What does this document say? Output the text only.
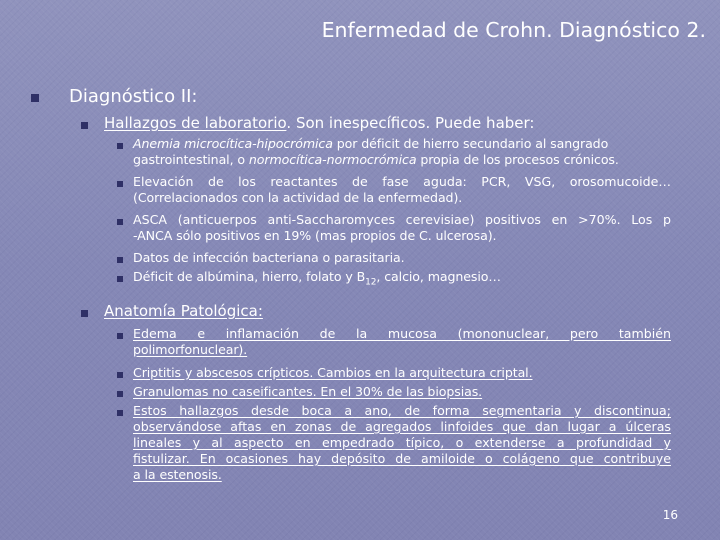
Enfermedad de Crohn. Diagnóstico 2.
Diagnóstico II:
Hallazgos de laboratorio. Son inespecíficos. Puede haber:
Anemia microcítica-hipocrómica por déficit de hierro secundario al sangrado
gastrointestinal, o normocítica-normocrómica propia de los procesos crónicos.
Elevación de los reactantes de fase aguda: PCR, VSG, orosomucoide…
(Correlacionados con la actividad de la enfermedad).
ASCA (anticuerpos anti-Saccharomyces cerevisiae) positivos en >70%. Los p
-ANCA sólo positivos en 19% (mas propios de C. ulcerosa).
Datos de infección bacteriana o parasitaria.
Déficit de albúmina, hierro, folato y $B_{12}$, calcio, magnesio…
Anatomía Patológica:
Edema e inflamación de la mucosa (mononuclear, pero también
polimorfonuclear).
Criptitis y abscesos crípticos. Cambios en la arquitectura criptal.
Granulomas no caseificantes. En el 30% de las biopsias.
Estos hallazgos desde boca a ano, de forma segmentaria y discontinua;
observándose aftas en zonas de agregados linfoides que dan lugar a úlceras
lineales y al aspecto en empedrado típico, o extenderse a profundidad y
fistulizar. En ocasiones hay depósito de amiloide o colágeno que contribuye
a la estenosis.
16
